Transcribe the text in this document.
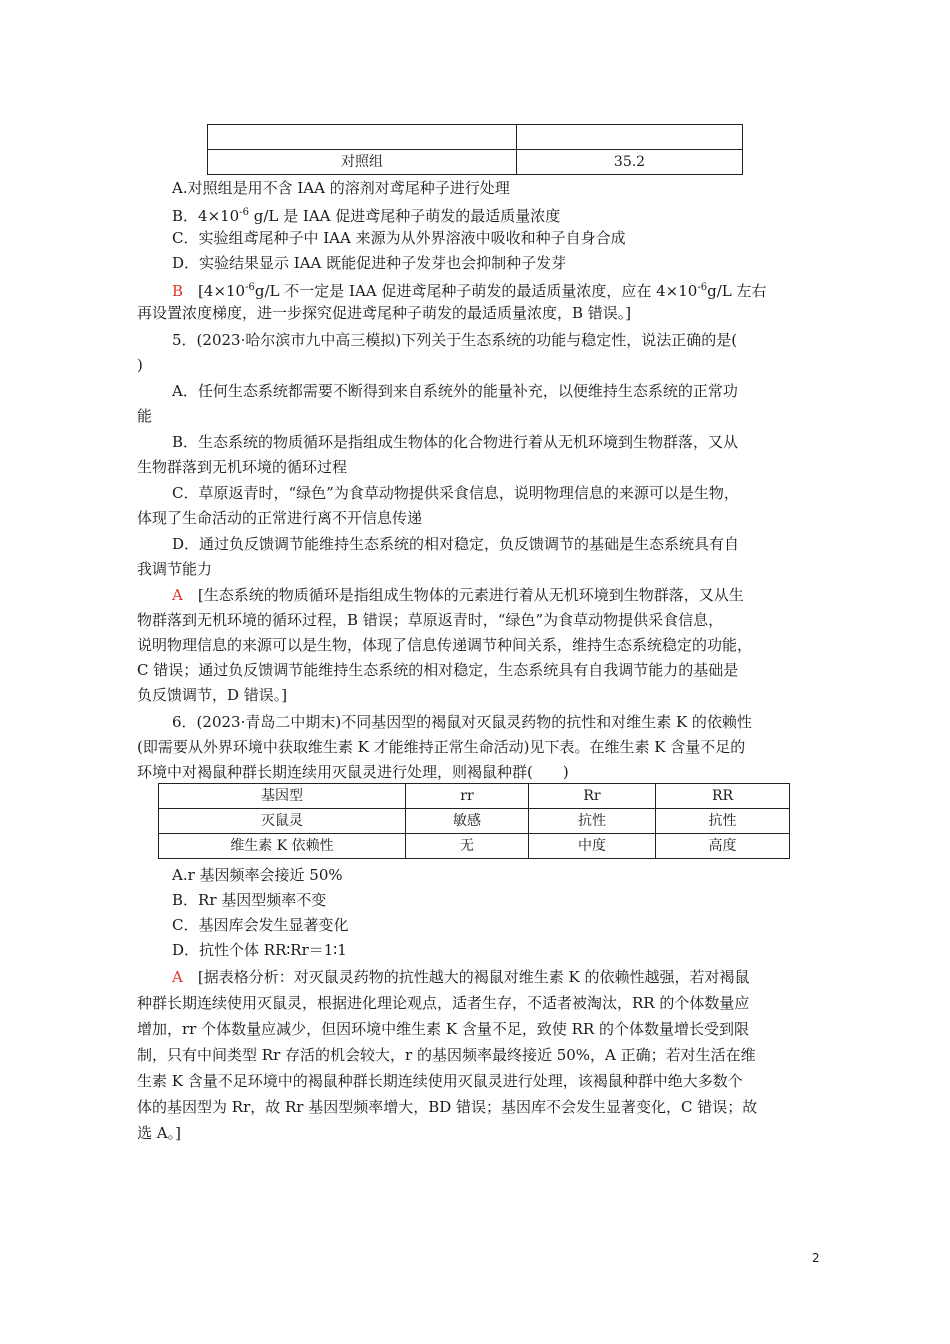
对照组	35.2
A.对照组是用不含 IAA 的溶剂对鸢尾种子进行处理
B．$4\times 10^{-6}$ g/L 是 IAA 促进鸢尾种子萌发的最适质量浓度
C．实验组鸢尾种子中 IAA 来源为从外界溶液中吸收和种子自身合成
D．实验结果显示 IAA 既能促进种子发芽也会抑制种子发芽
B　 [$4\times 10^{-6}g/L$ 不一定是 IAA 促进鸢尾种子萌发的最适质量浓度，应在 $4\times 10^{-6}g/L$ 左右
再设置浓度梯度，进一步探究促进鸢尾种子萌发的最适质量浓度，B 错误。]
5．(2023·哈尔滨市九中高三模拟)下列关于生态系统的功能与稳定性，说法正确的是(
)
A．任何生态系统都需要不断得到来自系统外的能量补充，以便维持生态系统的正常功
能
B．生态系统的物质循环是指组成生物体的化合物进行着从无机环境到生物群落，又从
生物群落到无机环境的循环过程
C．草原返青时，“绿色”为食草动物提供采食信息，说明物理信息的来源可以是生物，
体现了生命活动的正常进行离不开信息传递
D．通过负反馈调节能维持生态系统的相对稳定，负反馈调节的基础是生态系统具有自
我调节能力
A　 [生态系统的物质循环是指组成生物体的元素进行着从无机环境到生物群落，又从生
物群落到无机环境的循环过程，B 错误；草原返青时，“绿色”为食草动物提供采食信息，
说明物理信息的来源可以是生物，体现了信息传递调节种间关系，维持生态系统稳定的功能，
C 错误；通过负反馈调节能维持生态系统的相对稳定，生态系统具有自我调节能力的基础是
负反馈调节，D 错误。]
6．(2023·青岛二中期末)不同基因型的褐鼠对灭鼠灵药物的抗性和对维生素 K 的依赖性
(即需要从外界环境中获取维生素 K 才能维持正常生命活动)见下表。在维生素 K 含量不足的
环境中对褐鼠种群长期连续用灭鼠灵进行处理，则褐鼠种群(　　)
基因型	rr	Rr	RR
灭鼠灵	敏感	抗性	抗性
维生素 K 依赖性	无	中度	高度
A.r 基因频率会接近 50%
B．Rr 基因型频率不变
C．基因库会发生显著变化
D．抗性个体 RR∶Rr＝1∶1
A　 [据表格分析：对灭鼠灵药物的抗性越大的褐鼠对维生素 K 的依赖性越强，若对褐鼠
种群长期连续使用灭鼠灵，根据进化理论观点，适者生存，不适者被淘汰，RR 的个体数量应
增加，rr 个体数量应减少，但因环境中维生素 K 含量不足，致使 RR 的个体数量增长受到限
制，只有中间类型 Rr 存活的机会较大，r 的基因频率最终接近 50%，A 正确；若对生活在维
生素 K 含量不足环境中的褐鼠种群长期连续使用灭鼠灵进行处理，该褐鼠种群中绝大多数个
体的基因型为 Rr，故 Rr 基因型频率增大，BD 错误；基因库不会发生显著变化，C 错误；故
选 A。]
2
